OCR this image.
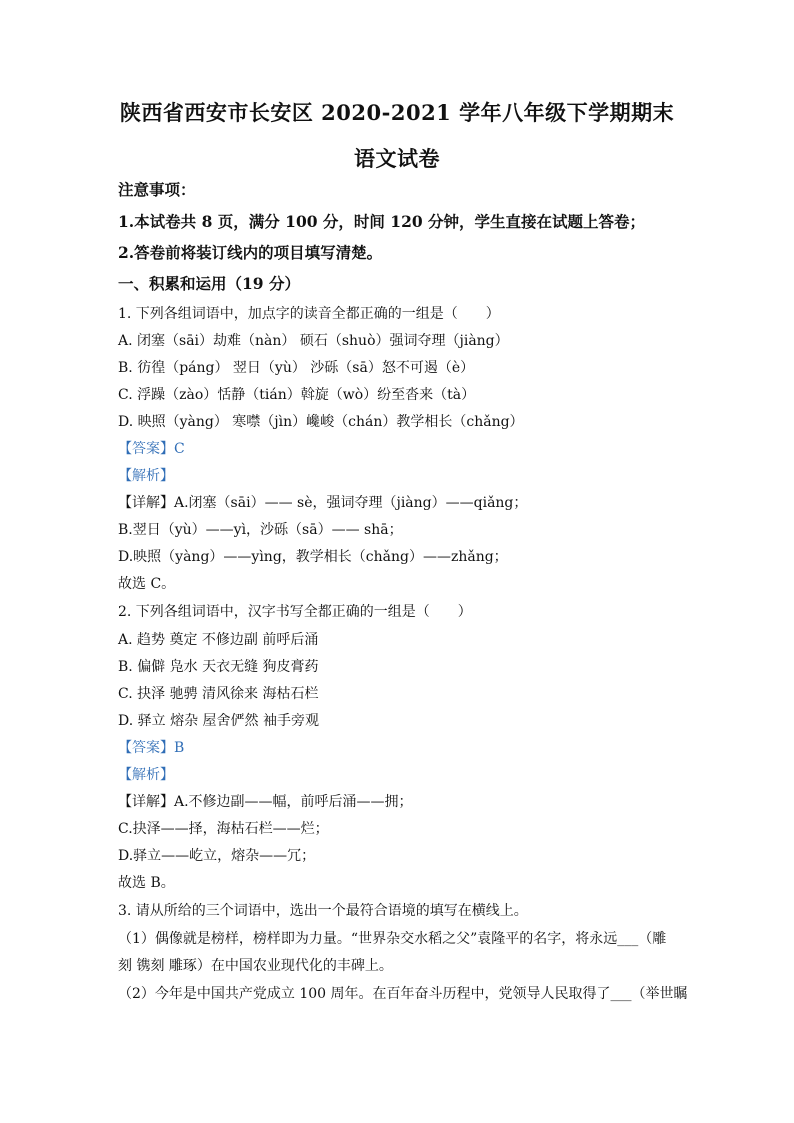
陕西省西安市长安区 2020-2021 学年八年级下学期期末
语文试卷
注意事项：
1.本试卷共 8 页，满分 100 分，时间 120 分钟，学生直接在试题上答卷；
2.答卷前将装订线内的项目填写清楚。
一、积累和运用（19 分）
1. 下列各组词语中，加点字的读音全都正确的一组是（　　）
A. 闭塞（sāi）劫难（nàn） 硕石（shuò）强词夺理（jiàng）
B. 彷徨（páng） 翌日（yù） 沙砾（sā）怒不可遏（è）
C. 浮躁（zào）恬静（tián）斡旋（wò）纷至沓来（tà）
D. 映照（yàng） 寒噤（jìn）巉峻（chán）教学相长（chǎng）
【答案】C
【解析】
【详解】A.闭塞（sāi）—— sè，强词夺理（jiàng）——qiǎng；
B.翌日（yù）——yì，沙砾（sā）—— shā；
D.映照（yàng）——yìng，教学相长（chǎng）——zhǎng；
故选 C。
2. 下列各组词语中，汉字书写全都正确的一组是（　　）
A. 趋势 奠定 不修边副 前呼后涌
B. 偏僻 凫水 天衣无缝 狗皮膏药
C. 抉泽 驰骋 清风徐来 海枯石栏
D. 驿立 熔杂 屋舍俨然 袖手旁观
【答案】B
【解析】
【详解】A.不修边副——幅，前呼后涌——拥；
C.抉泽——择，海枯石栏——烂；
D.驿立——屹立，熔杂——冗；
故选 B。
3. 请从所给的三个词语中，选出一个最符合语境的填写在横线上。
（1）偶像就是榜样，榜样即为力量。“世界杂交水稻之父”袁隆平的名字，将永远___（雕
刻 镌刻 雕琢）在中国农业现代化的丰碑上。
（2）今年是中国共产党成立 100 周年。在百年奋斗历程中，党领导人民取得了___（举世瞩
